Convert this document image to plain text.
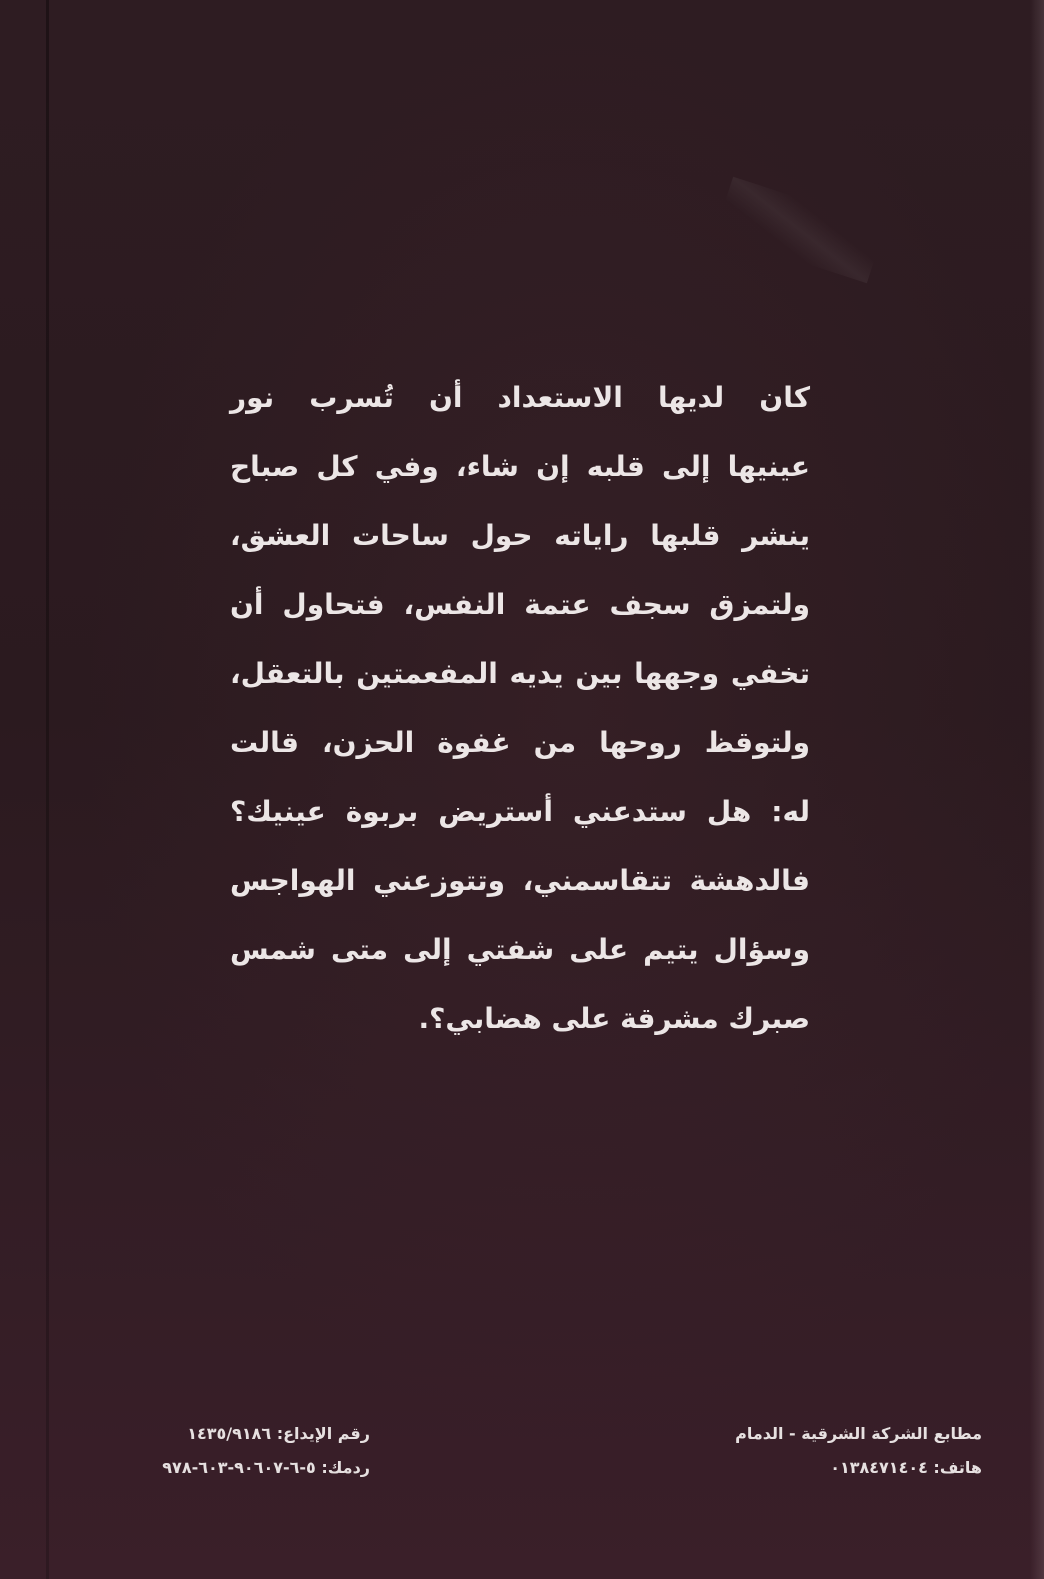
كان لديها الاستعداد أن تُسرب نور
عينيها إلى قلبه إن شاء، وفي كل صباح
ينشر قلبها راياته حول ساحات العشق،
ولتمزق سجف عتمة النفس، فتحاول أن
تخفي وجهها بين يديه المفعمتين بالتعقل،
ولتوقظ روحها من غفوة الحزن، قالت
له: هل ستدعني أستريض بربوة عينيك؟
فالدهشة تتقاسمني، وتتوزعني الهواجس
وسؤال يتيم على شفتي إلى متى شمس
صبرك مشرقة على هضابي؟.
مطابع الشركة الشرقية - الدمام
هاتف: ٠١٣٨٤٧١٤٠٤
رقم الإيداع: ١٤٣٥/٩١٨٦
ردمك: ٥-٦-٩٠٦٠٧-٦٠٣-٩٧٨
